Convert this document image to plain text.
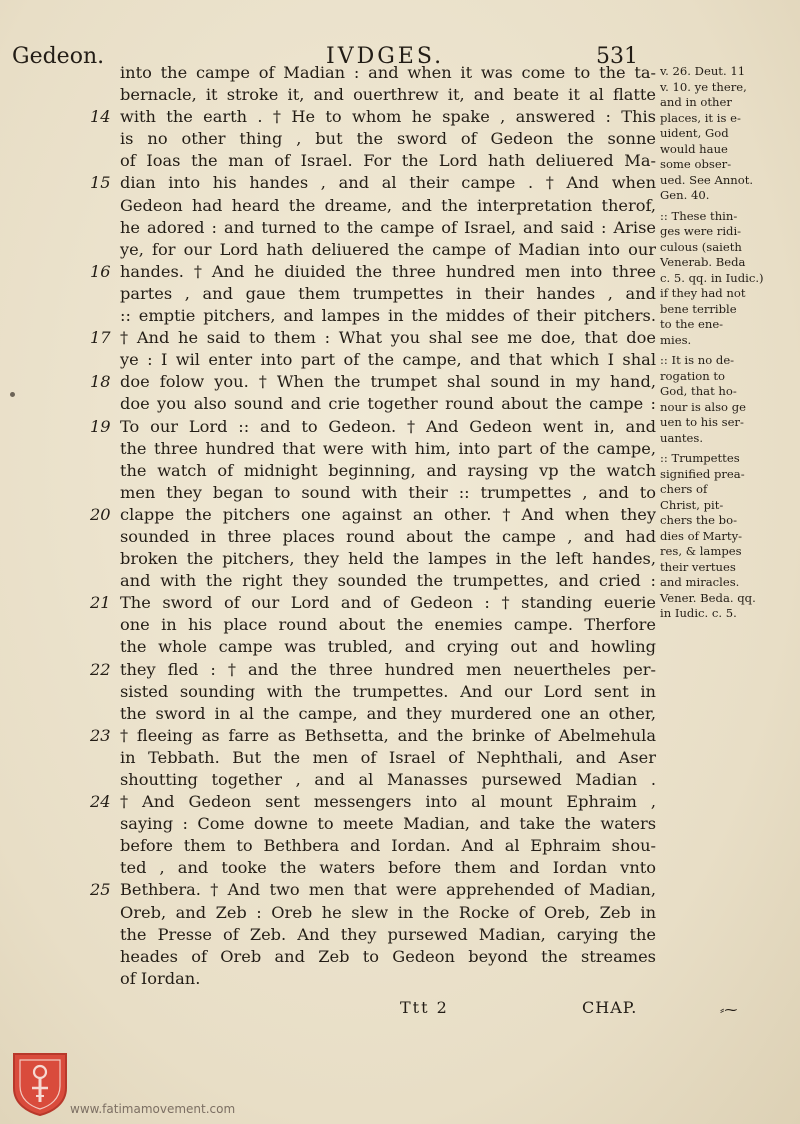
Gedeon.	IVDGES.	531
into the campe of Madian : and when it was come to the ta-
bernacle, it stroke it, and ouerthrew it, and beate it al flatte
14 with the earth . † He to whom he spake , answered : This
is no other thing , but the sword of Gedeon the sonne
of Ioas the man of Israel. For the Lord hath deliuered Ma-
15 dian into his handes , and al their campe . † And when
Gedeon had heard the dreame, and the interpretation therof,
he adored : and turned to the campe of Israel, and said : Arise
ye, for our Lord hath deliuered the campe of Madian into our
16 handes. † And he diuided the three hundred men into three
partes , and gaue them trumpettes in their handes , and
:: emptie pitchers, and lampes in the middes of their pitchers.
17 † And he said to them : What you shal see me doe, that doe
ye : I wil enter into part of the campe, and that which I shal
18 doe folow you. † When the trumpet shal sound in my hand,
doe you also sound and crie together round about the campe :
19 To our Lord :: and to Gedeon. † And Gedeon went in, and
the three hundred that were with him, into part of the campe,
the watch of midnight beginning, and raysing vp the watch
men they began to sound with their :: trumpettes , and to
20 clappe the pitchers one against an other. † And when they
sounded in three places round about the campe , and had
broken the pitchers, they held the lampes in the left handes,
and with the right they sounded the trumpettes, and cried :
21 The sword of our Lord and of Gedeon : † standing euerie
one in his place round about the enemies campe. Therfore
the whole campe was trubled, and crying out and howling
22 they fled : † and the three hundred men neuertheles per-
sisted sounding with the trumpettes. And our Lord sent in
the sword in al the campe, and they murdered one an other,
23 † fleeing as farre as Bethsetta, and the brinke of Abelmehula
in Tebbath. But the men of Israel of Nephthali, and Aser
shoutting together , and al Manasses pursewed Madian .
24 † And Gedeon sent messengers into al mount Ephraim ,
saying : Come downe to meete Madian, and take the waters
before them to Bethbera and Iordan. And al Ephraim shou-
ted , and tooke the waters before them and Iordan vnto
25 Bethbera. † And two men that were apprehended of Madian,
Oreb, and Zeb : Oreb he slew in the Rocke of Oreb, Zeb in
the Presse of Zeb. And they pursewed Madian, carying the
heades of Oreb and Zeb to Gedeon beyond the streames
of Iordan.
v. 26. Deut. 11
v. 10. ye there,
and in other
places, it is e-
uident, God
would haue
some obser-
ued. See Annot.
Gen. 40.
:: These thin-
ges were ridi-
culous (saieth
Venerab. Beda
c. 5. qq. in Iudic.)
if they had not
bene terrible
to the ene-
mies.
:: It is no de-
rogation to
God, that ho-
nour is also ge
uen to his ser-
uantes.
:: Trumpettes
signified prea-
chers of
Christ, pit-
chers the bo-
dies of Marty-
res, & lampes
their vertues
and miracles.
Vener. Beda. qq.
in Iudic. c. 5.
Ttt 2	CHAP.	⸗⁓
www.fatimamovement.com
